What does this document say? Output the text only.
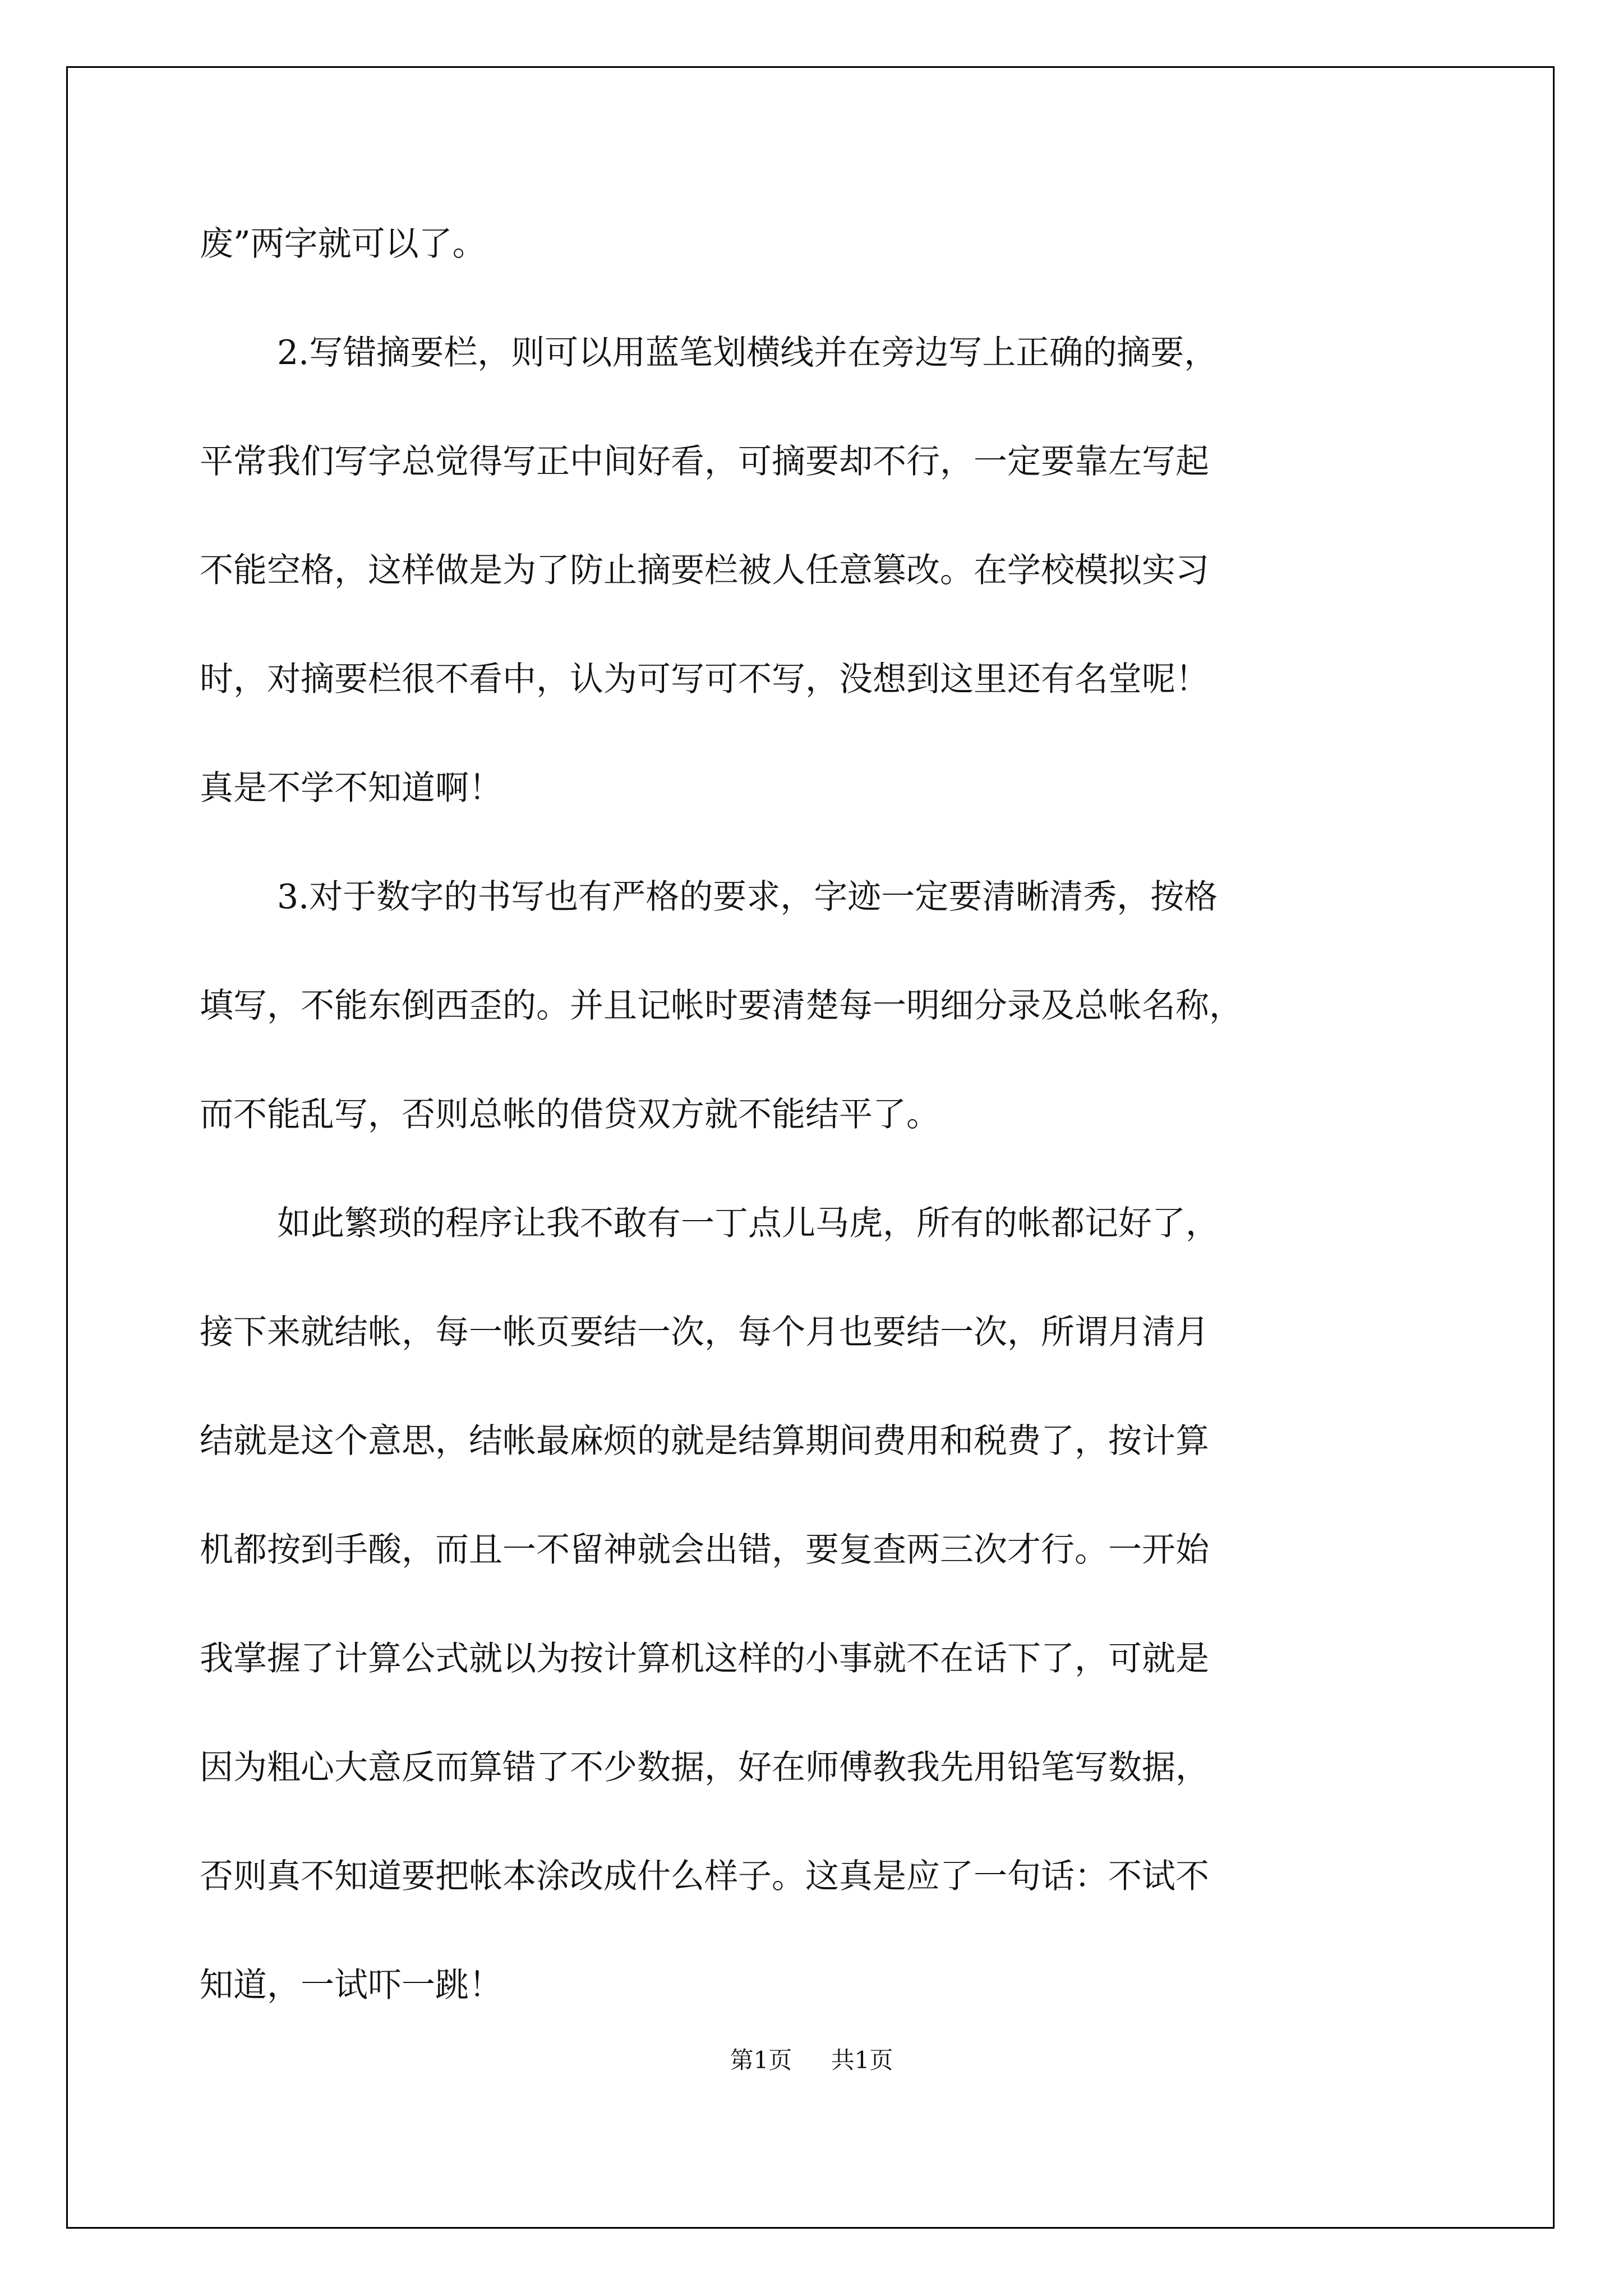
废”两字就可以了。
2.写错摘要栏，则可以用蓝笔划横线并在旁边写上正确的摘要，
平常我们写字总觉得写正中间好看，可摘要却不行，一定要靠左写起
不能空格，这样做是为了防止摘要栏被人任意篡改。在学校模拟实习
时，对摘要栏很不看中，认为可写可不写，没想到这里还有名堂呢！
真是不学不知道啊！
3.对于数字的书写也有严格的要求，字迹一定要清晰清秀，按格
填写，不能东倒西歪的。并且记帐时要清楚每一明细分录及总帐名称，
而不能乱写，否则总帐的借贷双方就不能结平了。
如此繁琐的程序让我不敢有一丁点儿马虎，所有的帐都记好了，
接下来就结帐，每一帐页要结一次，每个月也要结一次，所谓月清月
结就是这个意思，结帐最麻烦的就是结算期间费用和税费了，按计算
机都按到手酸，而且一不留神就会出错，要复查两三次才行。一开始
我掌握了计算公式就以为按计算机这样的小事就不在话下了，可就是
因为粗心大意反而算错了不少数据，好在师傅教我先用铅笔写数据，
否则真不知道要把帐本涂改成什么样子。这真是应了一句话：不试不
知道，一试吓一跳！
第1页 共1页
